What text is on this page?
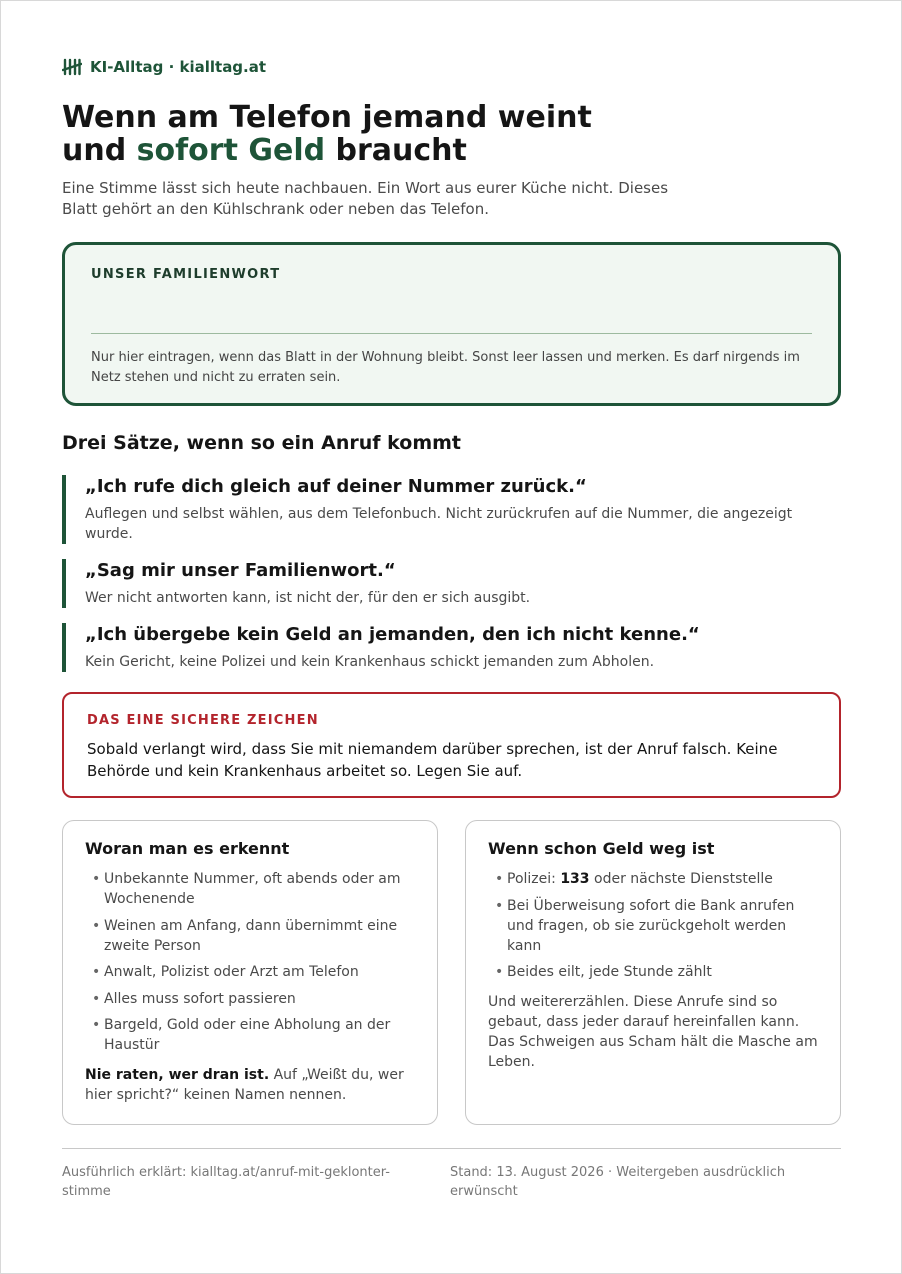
KI-Alltag · kialltag.at
Wenn am Telefon jemand weint
und sofort Geld braucht

Eine Stimme lässt sich heute nachbauen. Ein Wort aus eurer Küche nicht. Dieses Blatt gehört an den Kühlschrank oder neben das Telefon.

UNSER FAMILIENWORT
Nur hier eintragen, wenn das Blatt in der Wohnung bleibt. Sonst leer lassen und merken. Es darf nirgends im Netz stehen und nicht zu erraten sein.
Drei Sätze, wenn so ein Anruf kommt
„Ich rufe dich gleich auf deiner Nummer zurück.“
Auflegen und selbst wählen, aus dem Telefonbuch. Nicht zurückrufen auf die Nummer, die angezeigt wurde.
„Sag mir unser Familienwort.“
Wer nicht antworten kann, ist nicht der, für den er sich ausgibt.
„Ich übergebe kein Geld an jemanden, den ich nicht kenne.“
Kein Gericht, keine Polizei und kein Krankenhaus schickt jemanden zum Abholen.
DAS EINE SICHERE ZEICHEN
Sobald verlangt wird, dass Sie mit niemandem darüber sprechen, ist der Anruf falsch. Keine Behörde und kein Krankenhaus arbeitet so. Legen Sie auf.
Woran man es erkennt
• Unbekannte Nummer, oft abends oder am Wochenende
• Weinen am Anfang, dann übernimmt eine zweite Person
• Anwalt, Polizist oder Arzt am Telefon
• Alles muss sofort passieren
• Bargeld, Gold oder eine Abholung an der Haustür

Nie raten, wer dran ist. Auf „Weißt du, wer hier spricht?“ keinen Namen nennen.

Wenn schon Geld weg ist
• Polizei: 133 oder nächste Dienststelle
• Bei Überweisung sofort die Bank anrufen und fragen, ob sie zurückgeholt werden kann
• Beides eilt, jede Stunde zählt

Und weitererzählen. Diese Anrufe sind so gebaut, dass jeder darauf hereinfallen kann. Das Schweigen aus Scham hält die Masche am Leben.

Ausführlich erklärt: kialltag.at/anruf-mit-geklonter-stimme
Stand: 13. August 2026 · Weitergeben ausdrücklich erwünscht
